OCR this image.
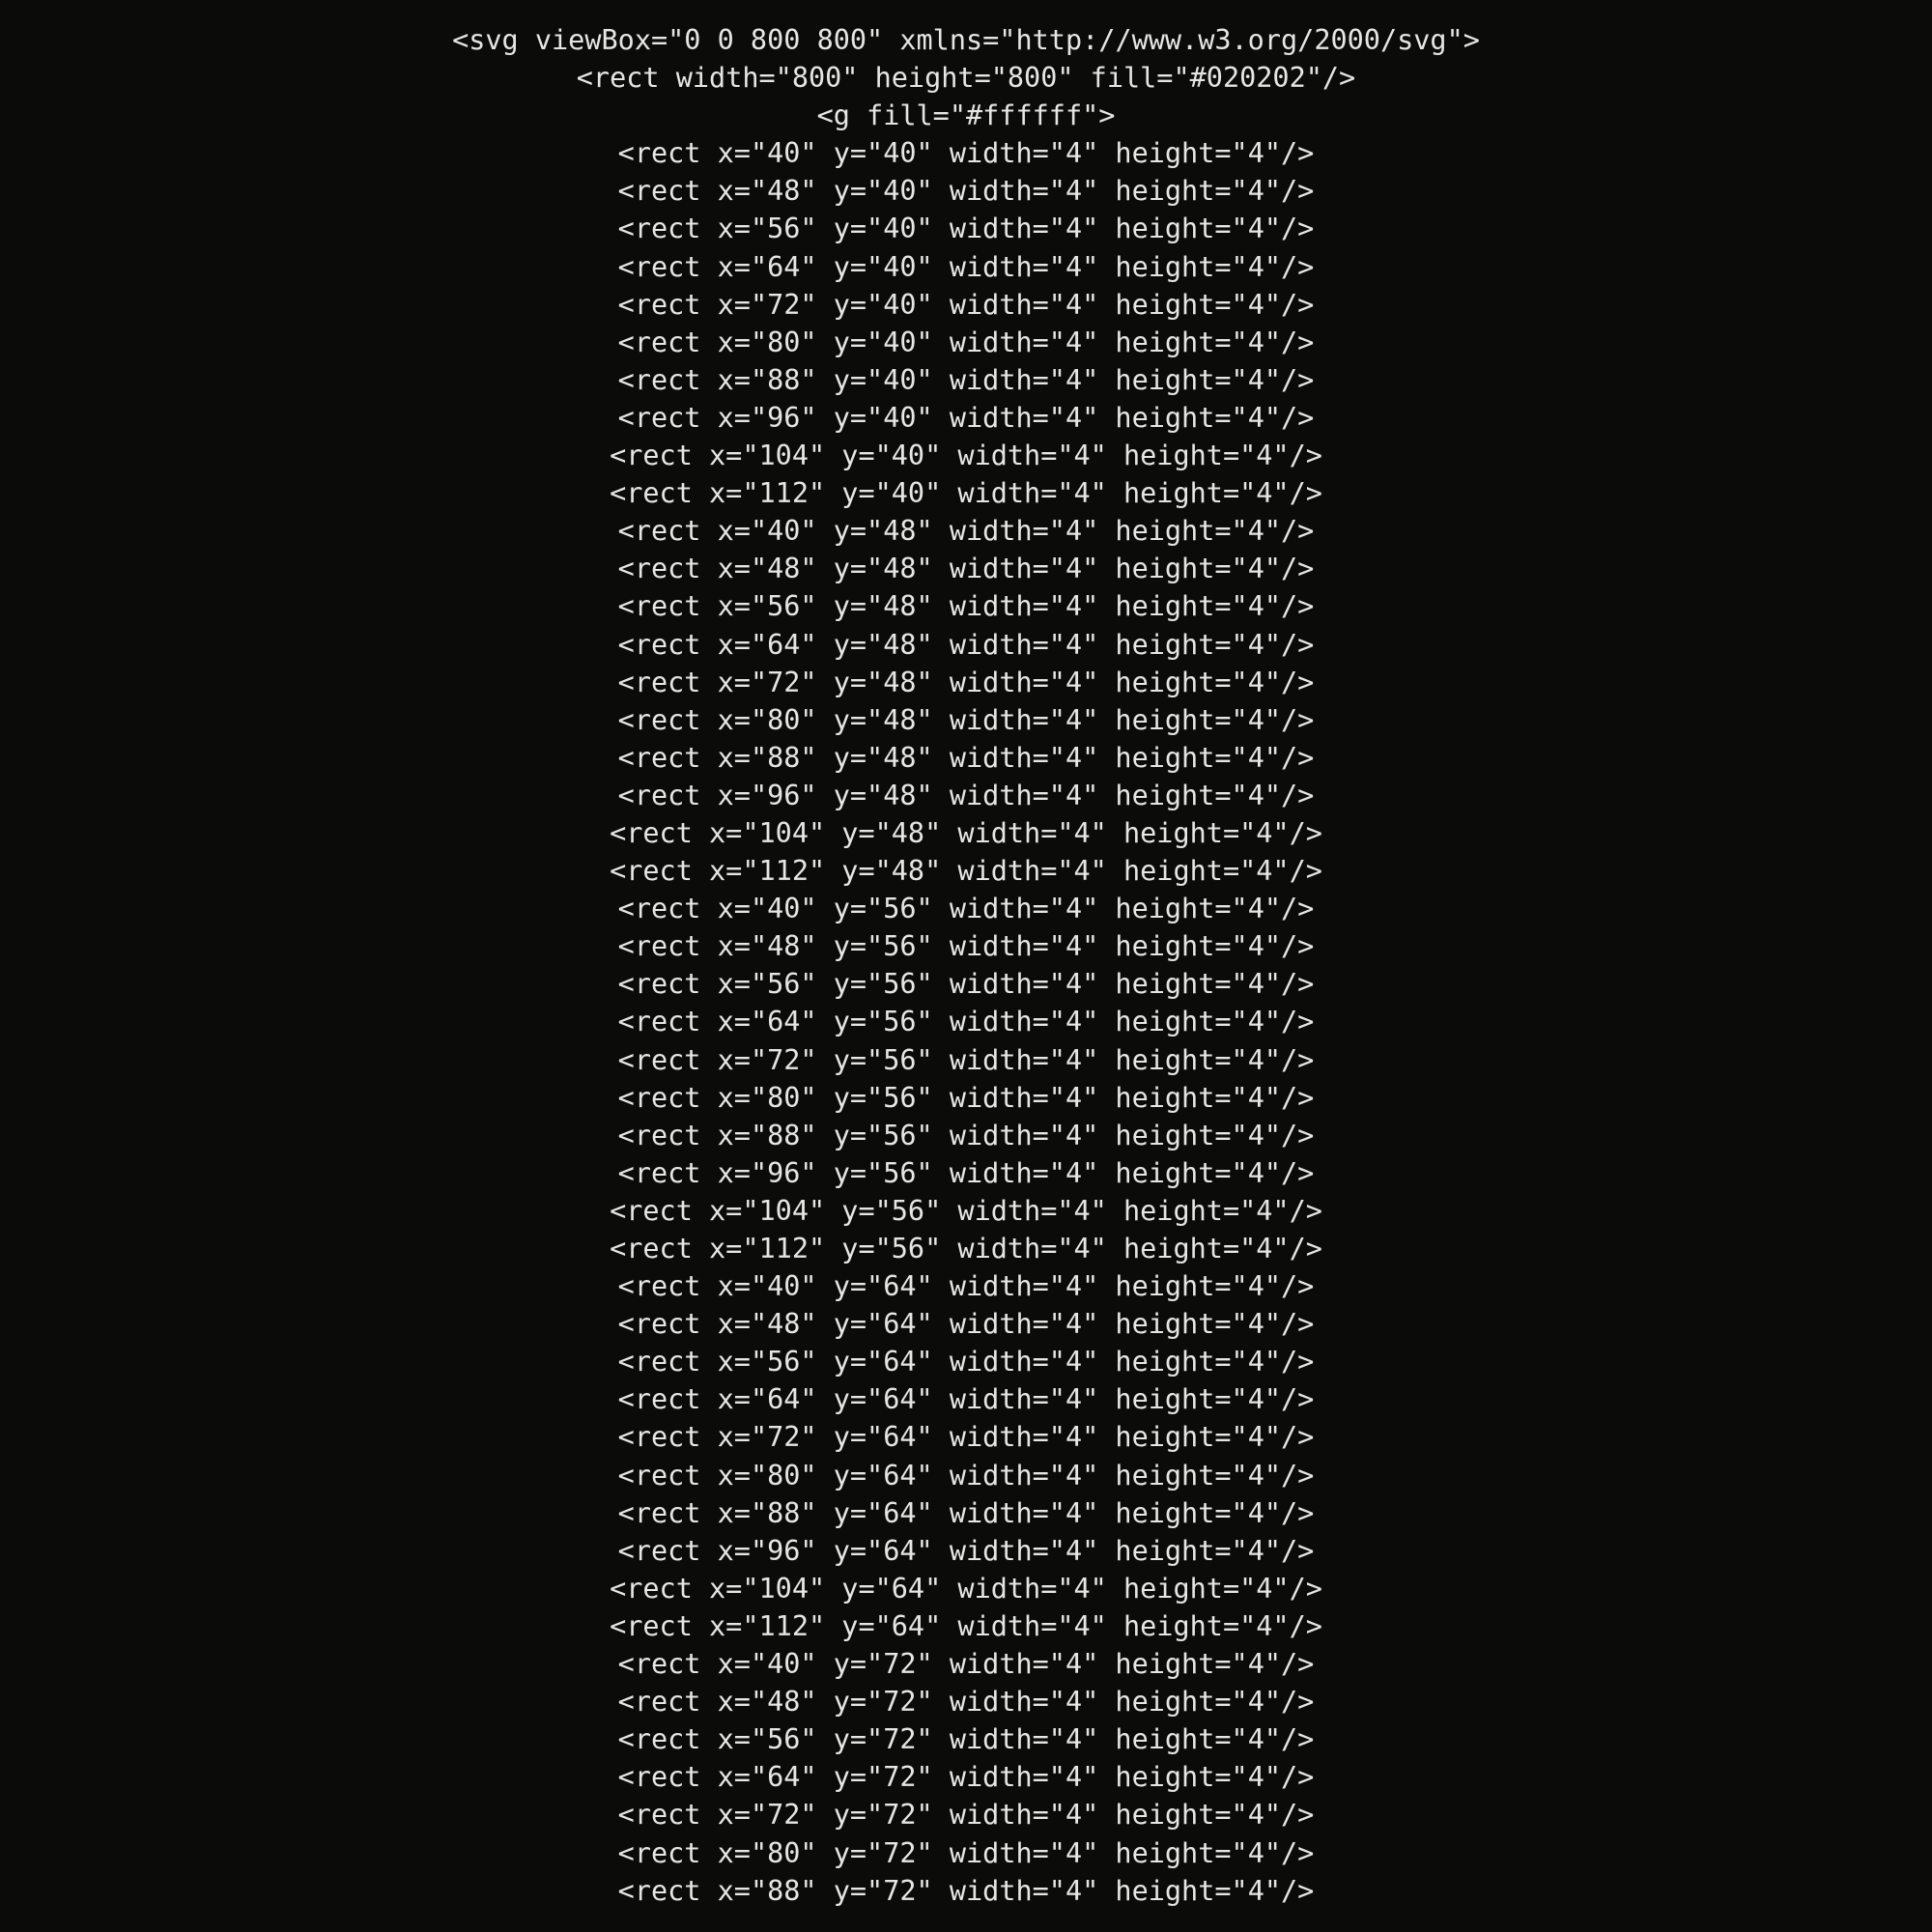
<svg viewBox="0 0 800 800" xmlns="http://www.w3.org/2000/svg">
<rect width="800" height="800" fill="#020202"/>
<g fill="#ffffff">
<rect x="40" y="40" width="4" height="4"/>
<rect x="48" y="40" width="4" height="4"/>
<rect x="56" y="40" width="4" height="4"/>
<rect x="64" y="40" width="4" height="4"/>
<rect x="72" y="40" width="4" height="4"/>
<rect x="80" y="40" width="4" height="4"/>
<rect x="88" y="40" width="4" height="4"/>
<rect x="96" y="40" width="4" height="4"/>
<rect x="104" y="40" width="4" height="4"/>
<rect x="112" y="40" width="4" height="4"/>
<rect x="40" y="48" width="4" height="4"/>
<rect x="48" y="48" width="4" height="4"/>
<rect x="56" y="48" width="4" height="4"/>
<rect x="64" y="48" width="4" height="4"/>
<rect x="72" y="48" width="4" height="4"/>
<rect x="80" y="48" width="4" height="4"/>
<rect x="88" y="48" width="4" height="4"/>
<rect x="96" y="48" width="4" height="4"/>
<rect x="104" y="48" width="4" height="4"/>
<rect x="112" y="48" width="4" height="4"/>
<rect x="40" y="56" width="4" height="4"/>
<rect x="48" y="56" width="4" height="4"/>
<rect x="56" y="56" width="4" height="4"/>
<rect x="64" y="56" width="4" height="4"/>
<rect x="72" y="56" width="4" height="4"/>
<rect x="80" y="56" width="4" height="4"/>
<rect x="88" y="56" width="4" height="4"/>
<rect x="96" y="56" width="4" height="4"/>
<rect x="104" y="56" width="4" height="4"/>
<rect x="112" y="56" width="4" height="4"/>
<rect x="40" y="64" width="4" height="4"/>
<rect x="48" y="64" width="4" height="4"/>
<rect x="56" y="64" width="4" height="4"/>
<rect x="64" y="64" width="4" height="4"/>
<rect x="72" y="64" width="4" height="4"/>
<rect x="80" y="64" width="4" height="4"/>
<rect x="88" y="64" width="4" height="4"/>
<rect x="96" y="64" width="4" height="4"/>
<rect x="104" y="64" width="4" height="4"/>
<rect x="112" y="64" width="4" height="4"/>
<rect x="40" y="72" width="4" height="4"/>
<rect x="48" y="72" width="4" height="4"/>
<rect x="56" y="72" width="4" height="4"/>
<rect x="64" y="72" width="4" height="4"/>
<rect x="72" y="72" width="4" height="4"/>
<rect x="80" y="72" width="4" height="4"/>
<rect x="88" y="72" width="4" height="4"/>
